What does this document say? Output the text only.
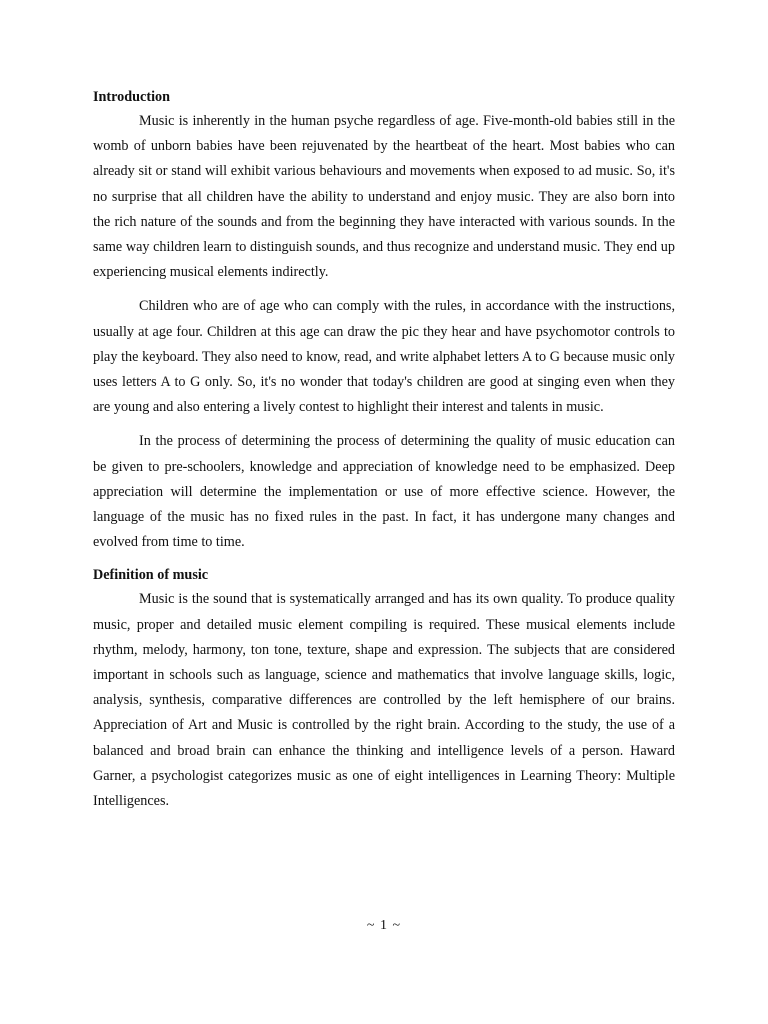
Introduction

Music is inherently in the human psyche regardless of age. Five-month-old babies still in the womb of unborn babies have been rejuvenated by the heartbeat of the heart. Most babies who can already sit or stand will exhibit various behaviours and movements when exposed to ad music. So, it's no surprise that all children have the ability to understand and enjoy music. They are also born into the rich nature of the sounds and from the beginning they have interacted with various sounds. In the same way children learn to distinguish sounds, and thus recognize and understand music. They end up experiencing musical elements indirectly.

Children who are of age who can comply with the rules, in accordance with the instructions, usually at age four. Children at this age can draw the pic they hear and have psychomotor controls to play the keyboard. They also need to know, read, and write alphabet letters A to G because music only uses letters A to G only. So, it's no wonder that today's children are good at singing even when they are young and also entering a lively contest to highlight their interest and talents in music.

In the process of determining the process of determining the quality of music education can be given to pre-schoolers, knowledge and appreciation of knowledge need to be emphasized. Deep appreciation will determine the implementation or use of more effective science. However, the language of the music has no fixed rules in the past. In fact, it has undergone many changes and evolved from time to time.

Definition of music

Music is the sound that is systematically arranged and has its own quality. To produce quality music, proper and detailed music element compiling is required. These musical elements include rhythm, melody, harmony, ton tone, texture, shape and expression. The subjects that are considered important in schools such as language, science and mathematics that involve language skills, logic, analysis, synthesis, comparative differences are controlled by the left hemisphere of our brains. Appreciation of Art and Music is controlled by the right brain. According to the study, the use of a balanced and broad brain can enhance the thinking and intelligence levels of a person. Haward Garner, a psychologist categorizes music as one of eight intelligences in Learning Theory: Multiple Intelligences.

~ 1 ~
